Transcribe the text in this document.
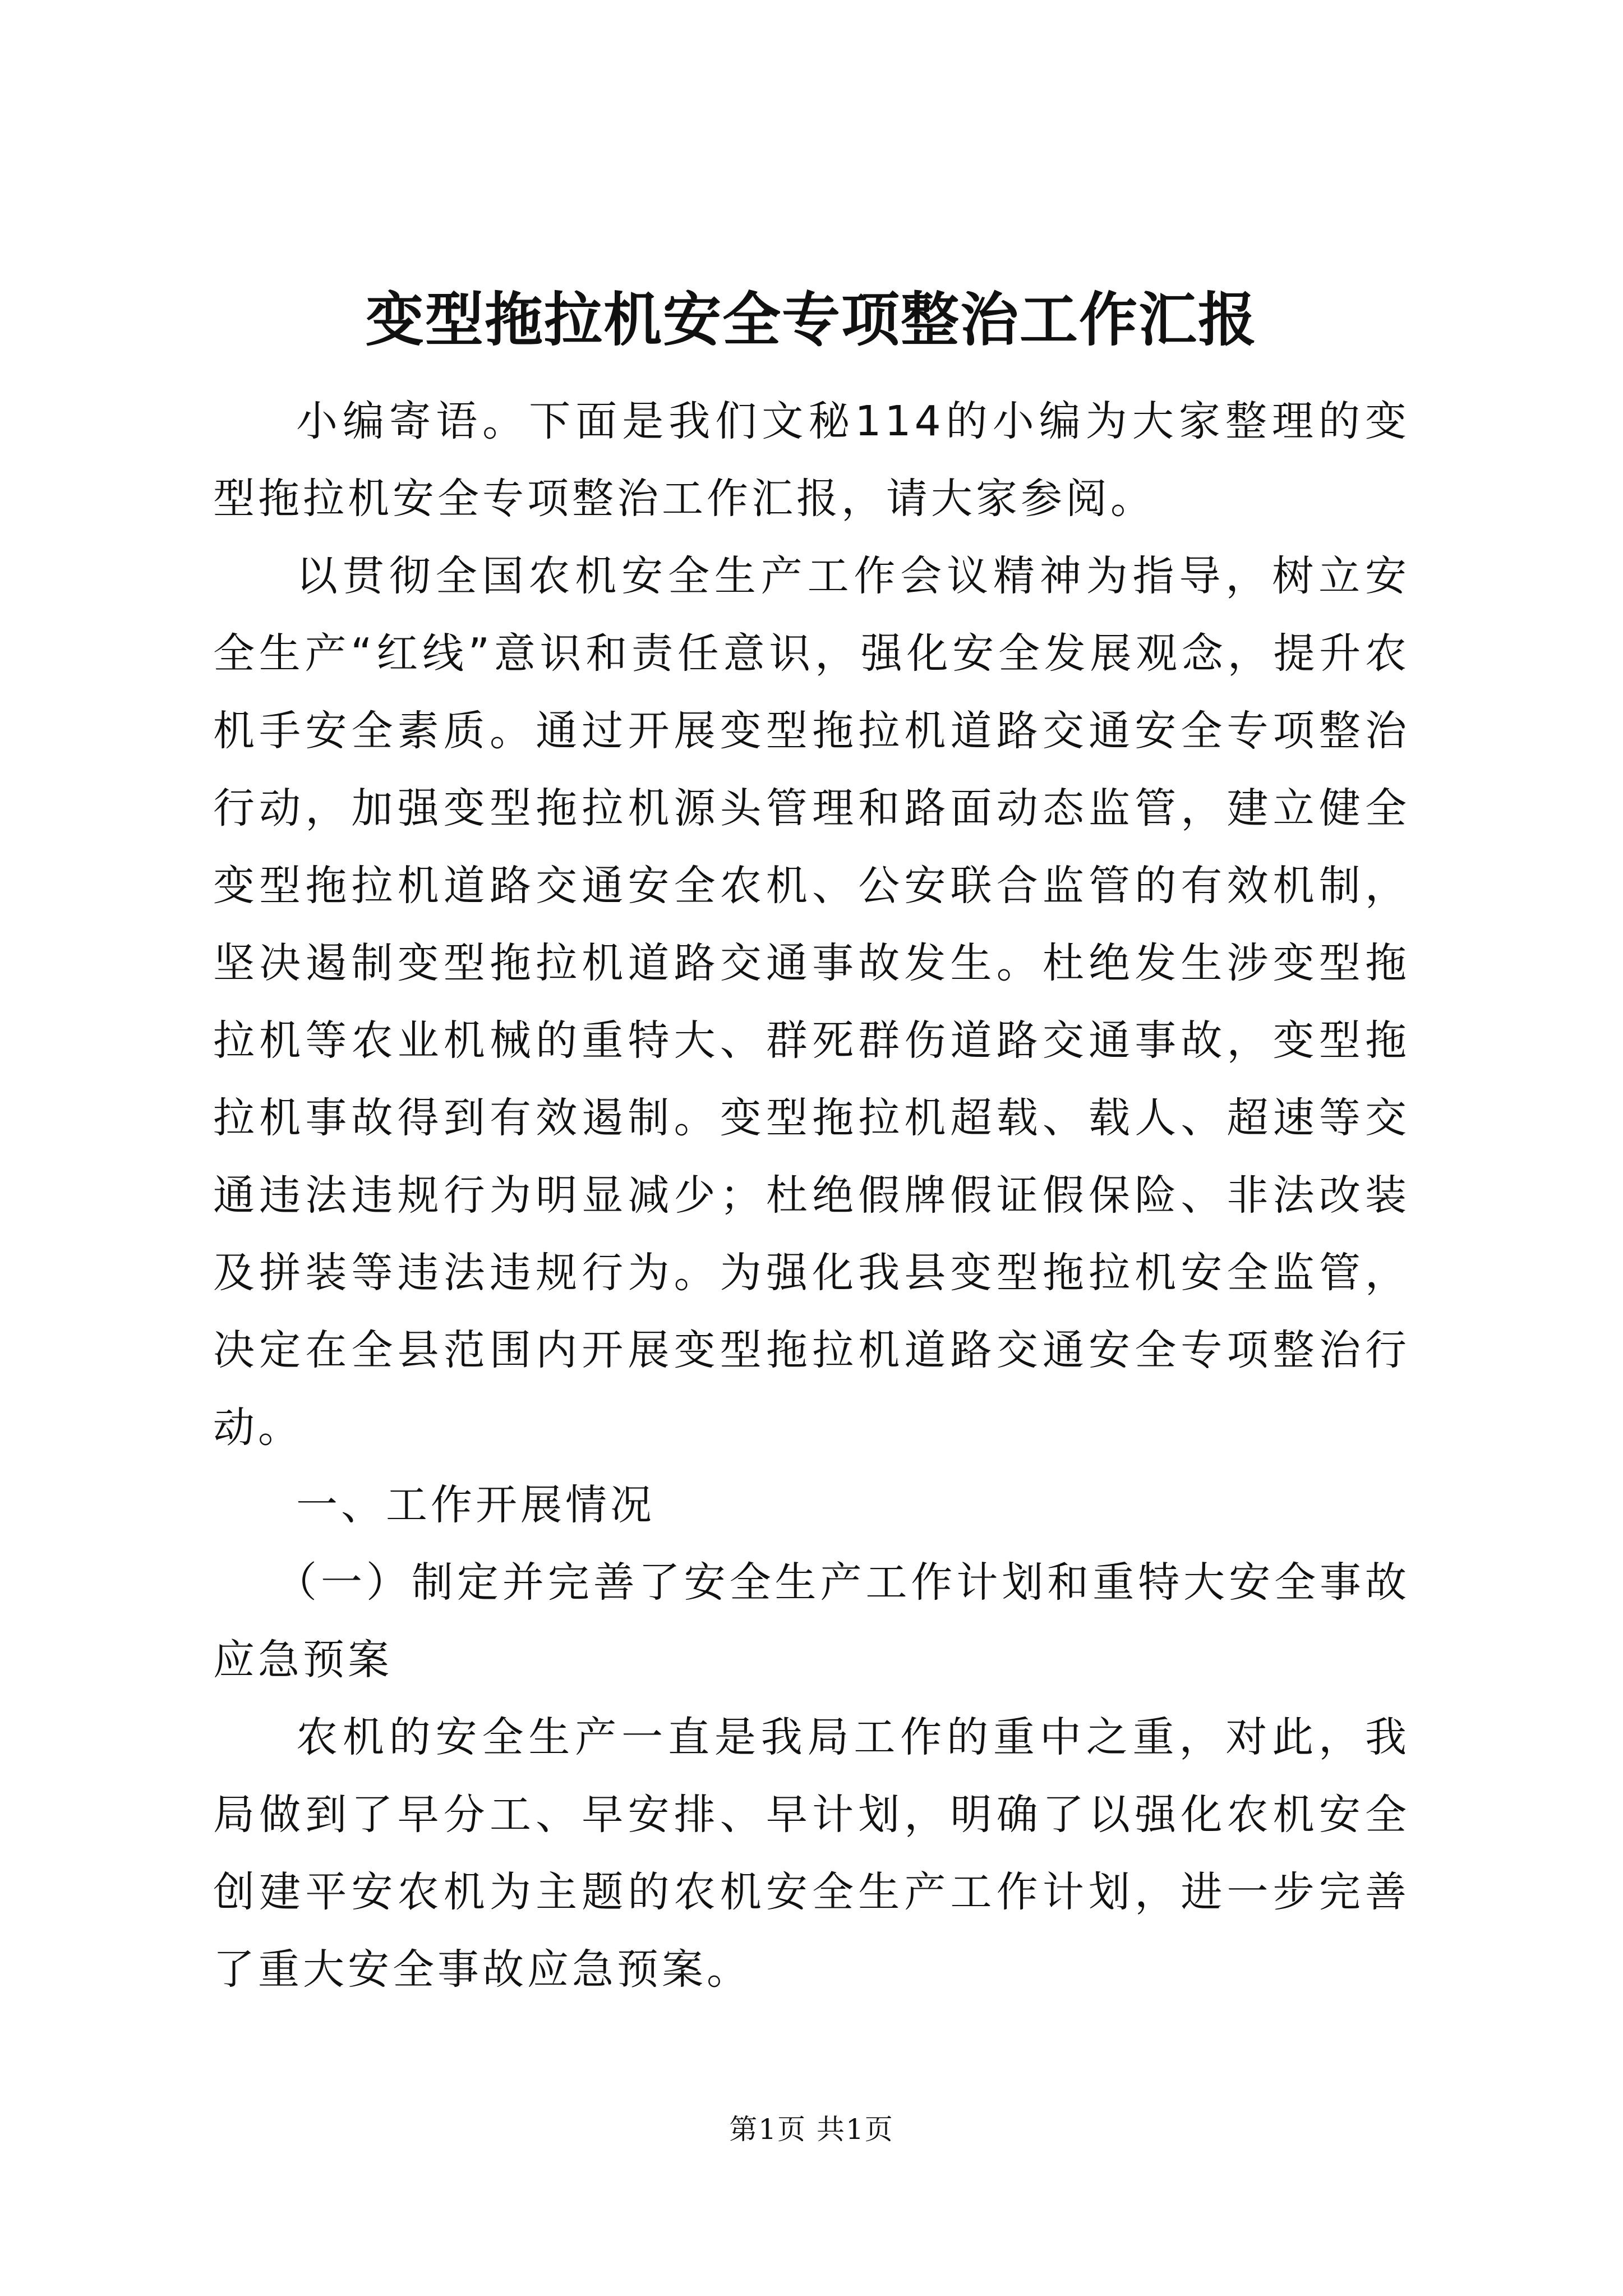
变型拖拉机安全专项整治工作汇报

小编寄语。下面是我们文秘114的小编为大家整理的变型拖拉机安全专项整治工作汇报，请大家参阅。

以贯彻全国农机安全生产工作会议精神为指导，树立安全生产“红线”意识和责任意识，强化安全发展观念，提升农机手安全素质。通过开展变型拖拉机道路交通安全专项整治行动，加强变型拖拉机源头管理和路面动态监管，建立健全变型拖拉机道路交通安全农机、公安联合监管的有效机制，坚决遏制变型拖拉机道路交通事故发生。杜绝发生涉变型拖拉机等农业机械的重特大、群死群伤道路交通事故，变型拖拉机事故得到有效遏制。变型拖拉机超载、载人、超速等交通违法违规行为明显减少；杜绝假牌假证假保险、非法改装及拼装等违法违规行为。为强化我县变型拖拉机安全监管，决定在全县范围内开展变型拖拉机道路交通安全专项整治行动。

一、工作开展情况

（一）制定并完善了安全生产工作计划和重特大安全事故应急预案

农机的安全生产一直是我局工作的重中之重，对此，我局做到了早分工、早安排、早计划，明确了以强化农机安全创建平安农机为主题的农机安全生产工作计划，进一步完善了重大安全事故应急预案。

第1页 共1页
